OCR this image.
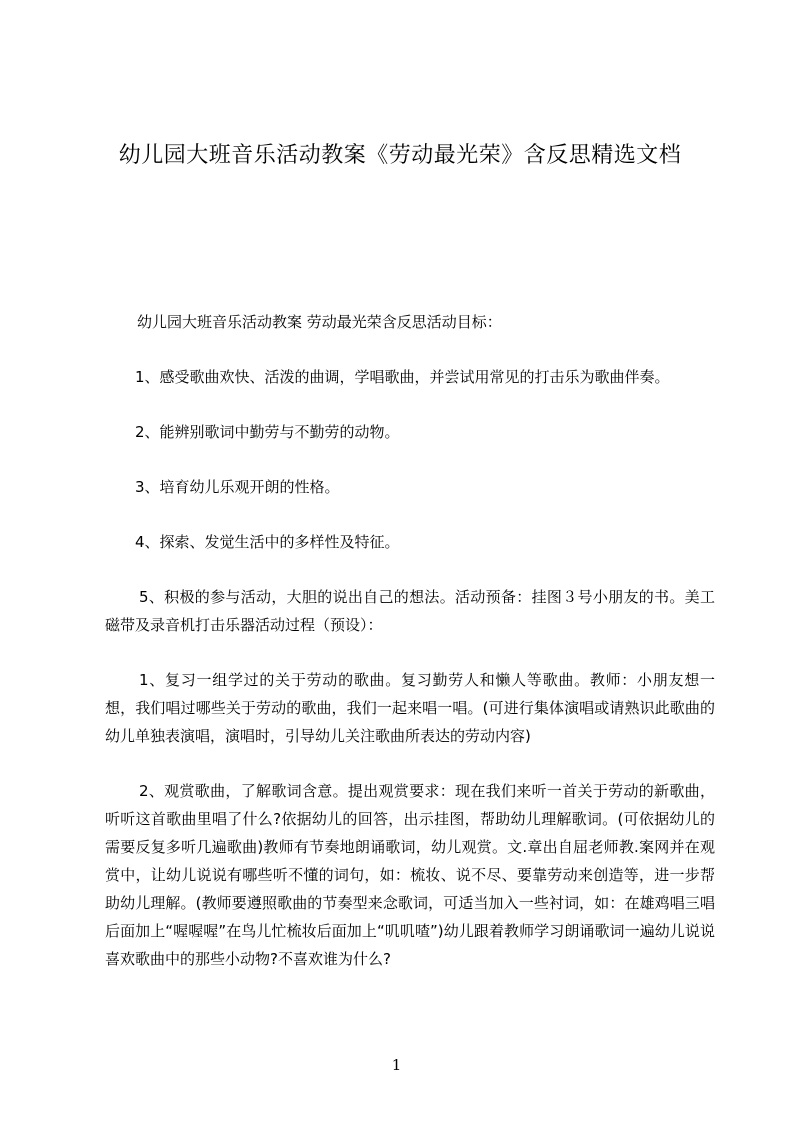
幼儿园大班音乐活动教案《劳动最光荣》含反思精选文档

幼儿园大班音乐活动教案 劳动最光荣含反思活动目标：

1、感受歌曲欢快、活泼的曲调，学唱歌曲，并尝试用常见的打击乐为歌曲伴奏。

2、能辨别歌词中勤劳与不勤劳的动物。

3、培育幼儿乐观开朗的性格。

4、探索、发觉生活中的多样性及特征。

5、积极的参与活动，大胆的说出自己的想法。活动预备：挂图３号小朋友的书。美工磁带及录音机打击乐器活动过程（预设）：

1、复习一组学过的关于劳动的歌曲。复习勤劳人和懒人等歌曲。教师：小朋友想一想，我们唱过哪些关于劳动的歌曲，我们一起来唱一唱。(可进行集体演唱或请熟识此歌曲的幼儿单独表演唱，演唱时，引导幼儿关注歌曲所表达的劳动内容)

2、观赏歌曲，了解歌词含意。提出观赏要求：现在我们来听一首关于劳动的新歌曲，听听这首歌曲里唱了什么?依据幼儿的回答，出示挂图，帮助幼儿理解歌词。(可依据幼儿的需要反复多听几遍歌曲)教师有节奏地朗诵歌词，幼儿观赏。文.章出自屈老师教.案网并在观赏中，让幼儿说说有哪些听不懂的词句，如：梳妆、说不尽、要靠劳动来创造等，进一步帮助幼儿理解。(教师要遵照歌曲的节奏型来念歌词，可适当加入一些衬词，如：在雄鸡唱三唱后面加上“喔喔喔”在鸟儿忙梳妆后面加上“叽叽喳”)幼儿跟着教师学习朗诵歌词一遍幼儿说说喜欢歌曲中的那些小动物?不喜欢谁为什么?

1
